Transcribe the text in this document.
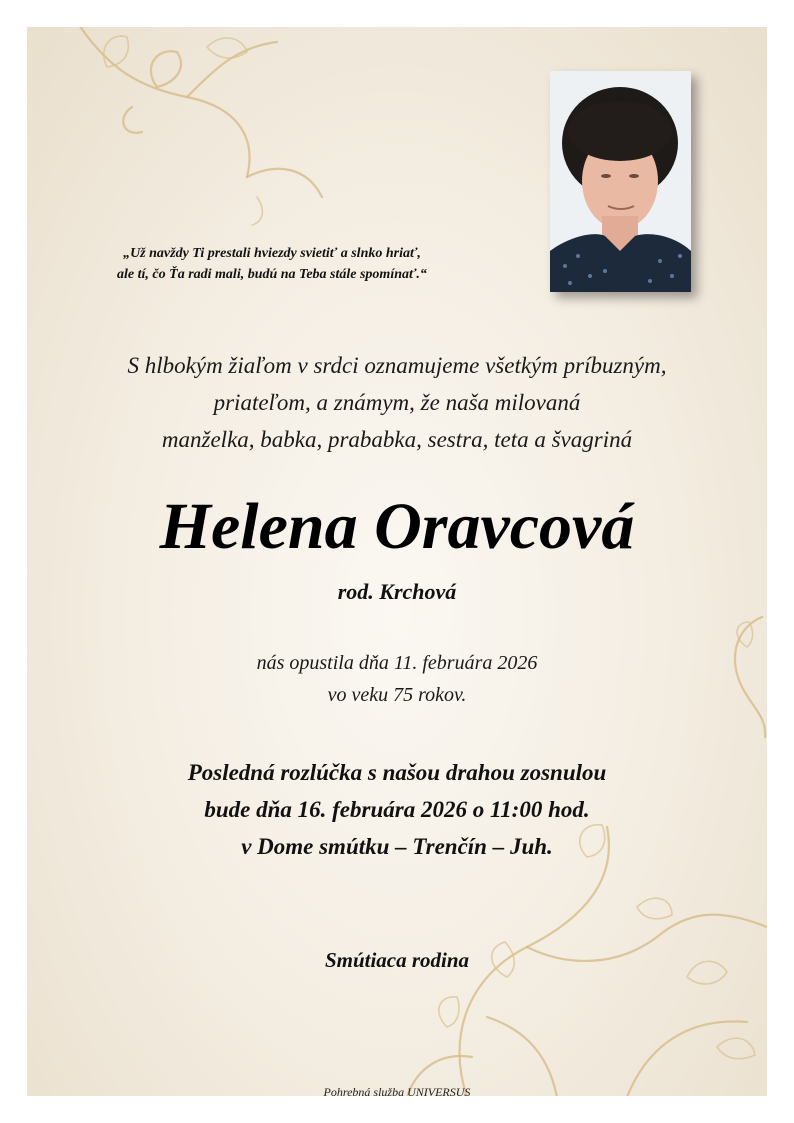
„Už navždy Ti prestali hviezdy svietiť a slnko hriať,
ale tí, čo Ťa radi mali, budú na Teba stále spomínať.“
S hlbokým žiaľom v srdci oznamujeme všetkým príbuzným,
priateľom, a známym, že naša milovaná
manželka, babka, prababka, sestra, teta a švagriná
Helena Oravcová
rod. Krchová
nás opustila dňa 11. februára 2026
vo veku 75 rokov.
Posledná rozlúčka s našou drahou zosnulou
bude dňa 16. februára 2026 o 11:00 hod.
v Dome smútku – Trenčín – Juh.
Smútiaca rodina
Pohrebná služba UNIVERSUS
